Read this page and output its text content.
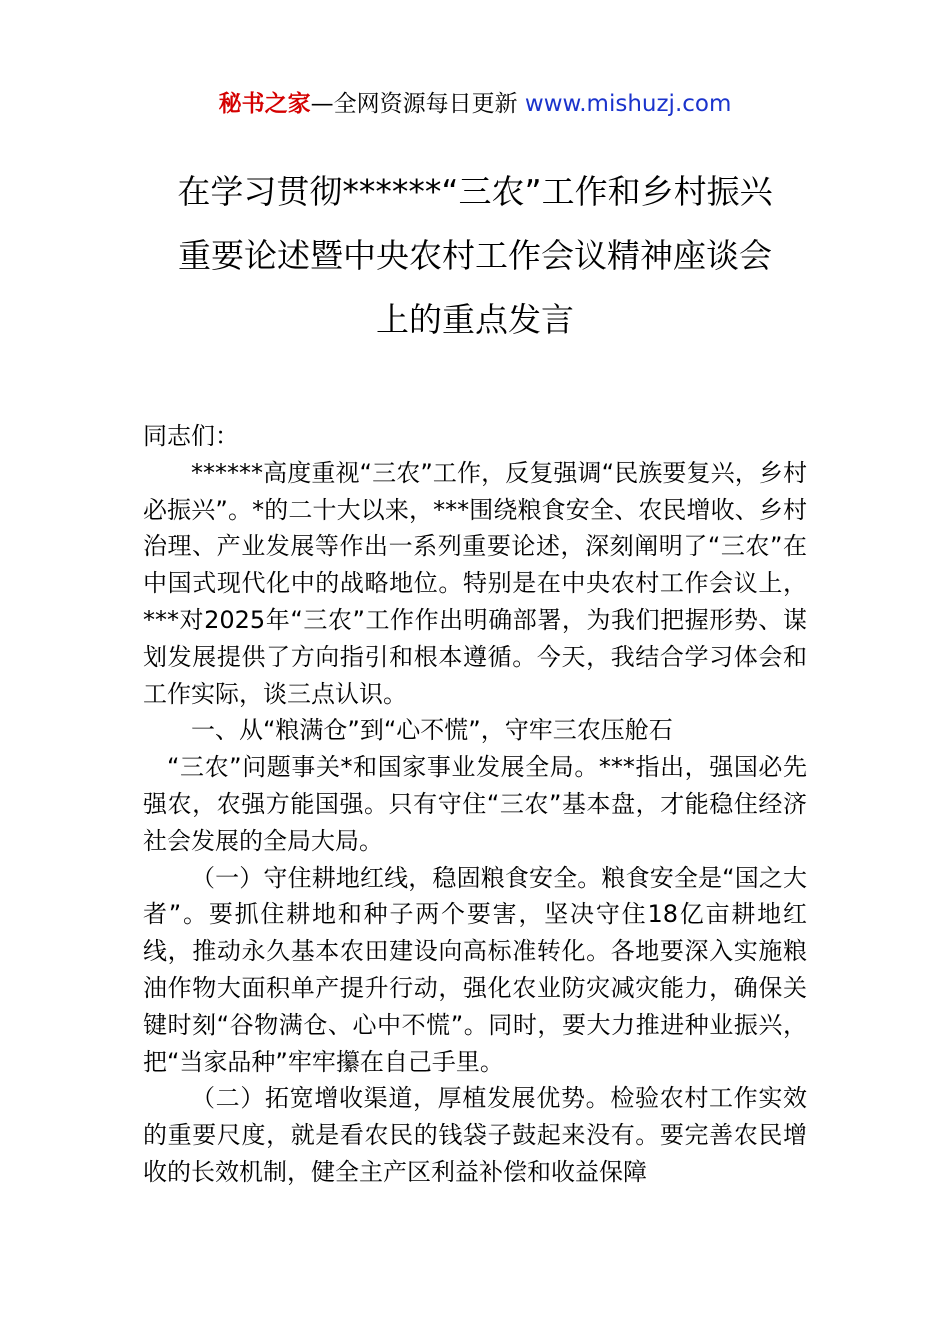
秘书之家—全网资源每日更新 www.mishuzj.com
在学习贯彻******“三农”工作和乡村振兴
重要论述暨中央农村工作会议精神座谈会
上的重点发言

同志们：

******高度重视“三农”工作，反复强调“民族要复兴，乡村必振兴”。*的二十大以来，***围绕粮食安全、农民增收、乡村治理、产业发展等作出一系列重要论述，深刻阐明了“三农”在中国式现代化中的战略地位。特别是在中央农村工作会议上，***对2025年“三农”工作作出明确部署，为我们把握形势、谋划发展提供了方向指引和根本遵循。今天，我结合学习体会和工作实际，谈三点认识。

一、从“粮满仓”到“心不慌”，守牢三农压舱石

“三农”问题事关*和国家事业发展全局。***指出，强国必先强农，农强方能国强。只有守住“三农”基本盘，才能稳住经济社会发展的全局大局。

（一）守住耕地红线，稳固粮食安全。粮食安全是“国之大者”。要抓住耕地和种子两个要害，坚决守住18亿亩耕地红线，推动永久基本农田建设向高标准转化。各地要深入实施粮油作物大面积单产提升行动，强化农业防灾减灾能力，确保关键时刻“谷物满仓、心中不慌”。同时，要大力推进种业振兴，把“当家品种”牢牢攥在自己手里。

（二）拓宽增收渠道，厚植发展优势。检验农村工作实效的重要尺度，就是看农民的钱袋子鼓起来没有。要完善农民增收的长效机制，健全主产区利益补偿和收益保障
